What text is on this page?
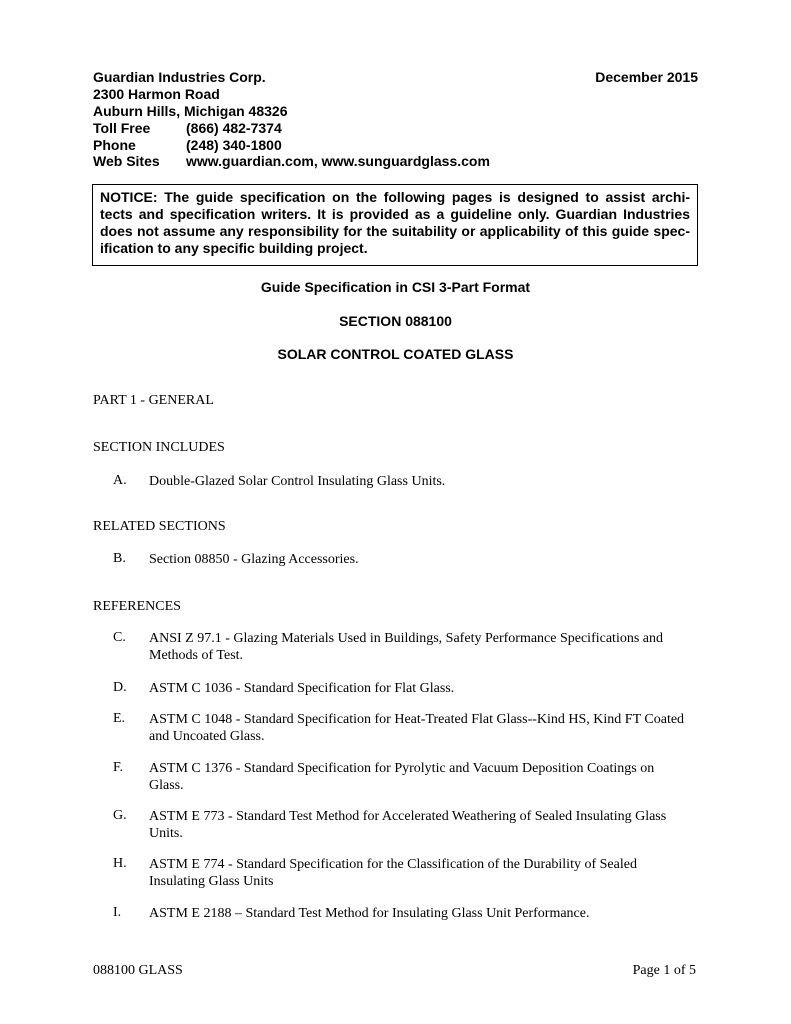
Guardian Industries Corp.	December 2015
2300 Harmon Road
Auburn Hills, Michigan 48326
Toll Free	(866) 482-7374
Phone	(248) 340-1800
Web Sites www.guardian.com, www.sunguardglass.com
NOTICE: The guide specification on the following pages is designed to assist archi-
tects and specification writers. It is provided as a guideline only. Guardian Industries
does not assume any responsibility for the suitability or applicability of this guide spec-
ification to any specific building project.
Guide Specification in CSI 3-Part Format
SECTION 088100
SOLAR CONTROL COATED GLASS
PART 1 - GENERAL
SECTION INCLUDES
A. Double-Glazed Solar Control Insulating Glass Units.
RELATED SECTIONS
B. Section 08850 - Glazing Accessories.
REFERENCES
C. ANSI Z 97.1 - Glazing Materials Used in Buildings, Safety Performance Specifications and
Methods of Test.
D. ASTM C 1036 - Standard Specification for Flat Glass.
E. ASTM C 1048 - Standard Specification for Heat-Treated Flat Glass--Kind HS, Kind FT Coated
and Uncoated Glass.
F. ASTM C 1376 - Standard Specification for Pyrolytic and Vacuum Deposition Coatings on
Glass.
G. ASTM E 773 - Standard Test Method for Accelerated Weathering of Sealed Insulating Glass
Units.
H. ASTM E 774 - Standard Specification for the Classification of the Durability of Sealed
Insulating Glass Units
I. ASTM E 2188 – Standard Test Method for Insulating Glass Unit Performance.
088100 GLASS	Page 1 of 5
